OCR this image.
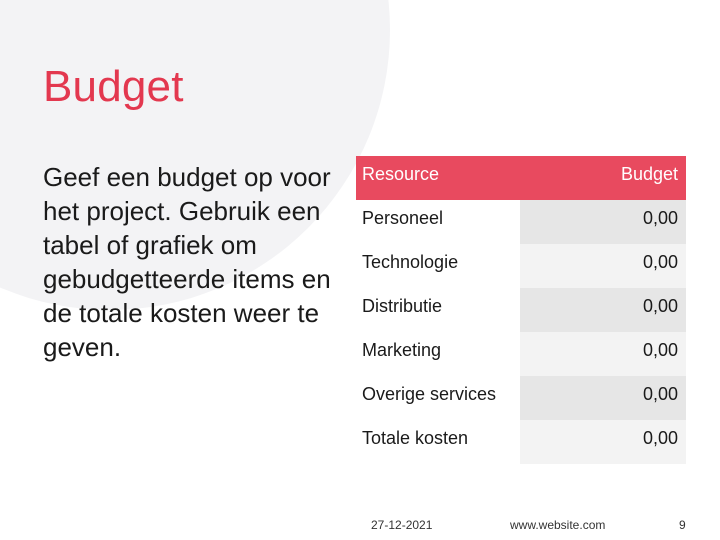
Budget
Geef een budget op voor het project. Gebruik een tabel of grafiek om gebudgetteerde items en de totale kosten weer te geven.
Resource	Budget
Personeel	0,00
Technologie	0,00
Distributie	0,00
Marketing	0,00
Overige services	0,00
Totale kosten	0,00
27-12-2021	www.website.com	9
